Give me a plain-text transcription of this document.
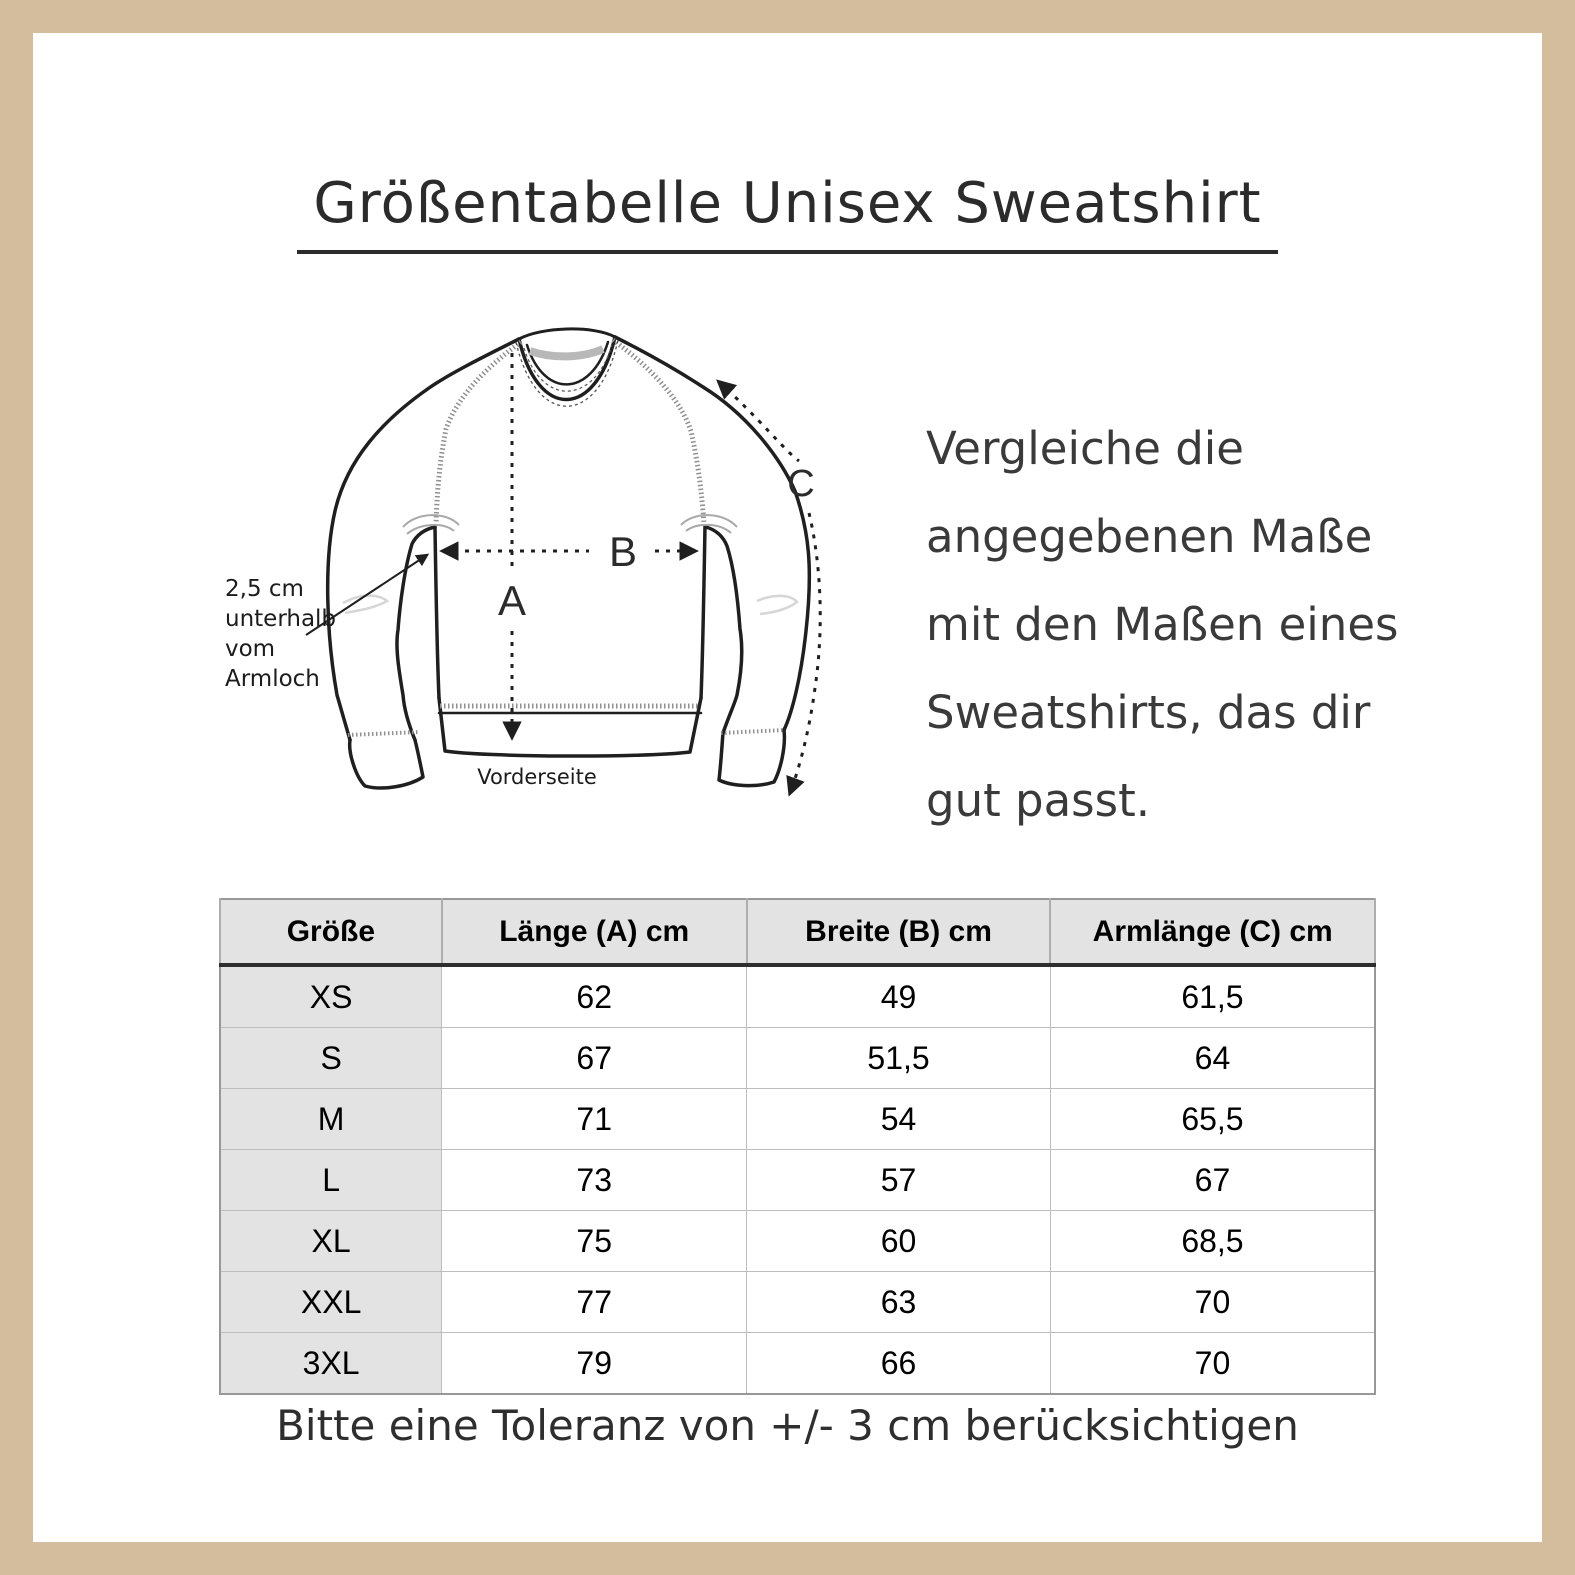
Größentabelle Unisex Sweatshirt
A
B
C
2,5 cm
unterhalb
vom
Armloch
Vorderseite
Vergleiche die
angegebenen Maße
mit den Maßen eines
Sweatshirts, das dir
gut passt.
Größe	Länge (A) cm	Breite (B) cm	Armlänge (C) cm
XS	62	49	61,5
S	67	51,5	64
M	71	54	65,5
L	73	57	67
XL	75	60	68,5
XXL	77	63	70
3XL	79	66	70
Bitte eine Toleranz von +/- 3 cm berücksichtigen
